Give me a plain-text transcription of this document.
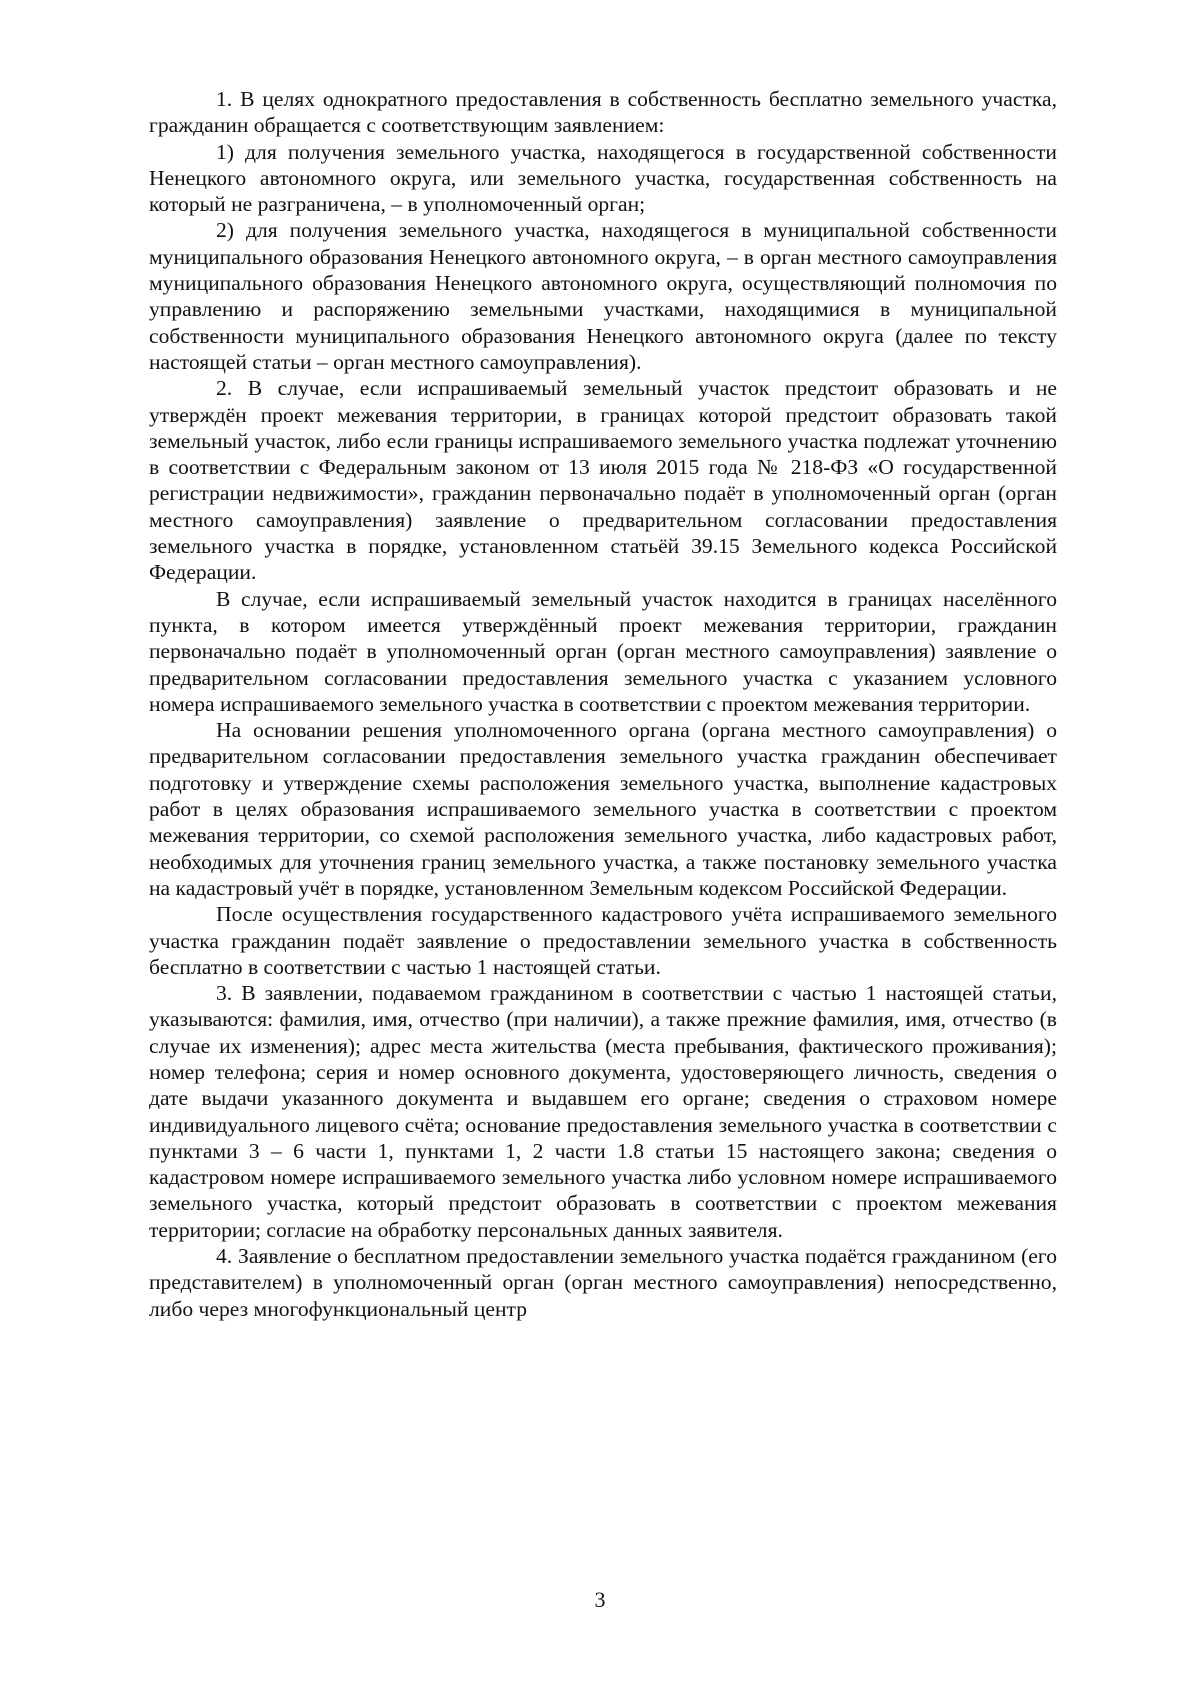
1. В целях однократного предоставления в собственность бесплатно земельного участка, гражданин обращается с соответствующим заявлением:

1) для получения земельного участка, находящегося в государственной собственности Ненецкого автономного округа, или земельного участка, государственная собственность на который не разграничена, – в уполномоченный орган;

2) для получения земельного участка, находящегося в муниципальной собственности муниципального образования Ненецкого автономного округа, – в орган местного самоуправления муниципального образования Ненецкого автономного округа, осуществляющий полномочия по управлению и распоряжению земельными участками, находящимися в муниципальной собственности муниципального образования Ненецкого автономного округа (далее по тексту настоящей статьи – орган местного самоуправления).

2. В случае, если испрашиваемый земельный участок предстоит образовать и не утверждён проект межевания территории, в границах которой предстоит образовать такой земельный участок, либо если границы испрашиваемого земельного участка подлежат уточнению в соответствии с Федеральным законом от 13 июля 2015 года № 218-ФЗ «О государственной регистрации недвижимости», гражданин первоначально подаёт в уполномоченный орган (орган местного самоуправления) заявление о предварительном согласовании предоставления земельного участка в порядке, установленном статьёй 39.15 Земельного кодекса Российской Федерации.

В случае, если испрашиваемый земельный участок находится в границах населённого пункта, в котором имеется утверждённый проект межевания территории, гражданин первоначально подаёт в уполномоченный орган (орган местного самоуправления) заявление о предварительном согласовании предоставления земельного участка с указанием условного номера испрашиваемого земельного участка в соответствии с проектом межевания территории.

На основании решения уполномоченного органа (органа местного самоуправления) о предварительном согласовании предоставления земельного участка гражданин обеспечивает подготовку и утверждение схемы расположения земельного участка, выполнение кадастровых работ в целях образования испрашиваемого земельного участка в соответствии с проектом межевания территории, со схемой расположения земельного участка, либо кадастровых работ, необходимых для уточнения границ земельного участка, а также постановку земельного участка на кадастровый учёт в порядке, установленном Земельным кодексом Российской Федерации.

После осуществления государственного кадастрового учёта испрашиваемого земельного участка гражданин подаёт заявление о предоставлении земельного участка в собственность бесплатно в соответствии с частью 1 настоящей статьи.

3. В заявлении, подаваемом гражданином в соответствии с частью 1 настоящей статьи, указываются: фамилия, имя, отчество (при наличии), а также прежние фамилия, имя, отчество (в случае их изменения); адрес места жительства (места пребывания, фактического проживания); номер телефона; серия и номер основного документа, удостоверяющего личность, сведения о дате выдачи указанного документа и выдавшем его органе; сведения о страховом номере индивидуального лицевого счёта; основание предоставления земельного участка в соответствии с пунктами 3 – 6 части 1, пунктами 1, 2 части 1.8 статьи 15 настоящего закона; сведения о кадастровом номере испрашиваемого земельного участка либо условном номере испрашиваемого земельного участка, который предстоит образовать в соответствии с проектом межевания территории; согласие на обработку персональных данных заявителя.

4. Заявление о бесплатном предоставлении земельного участка подаётся гражданином (его представителем) в уполномоченный орган (орган местного самоуправления) непосредственно, либо через многофункциональный центр

3
